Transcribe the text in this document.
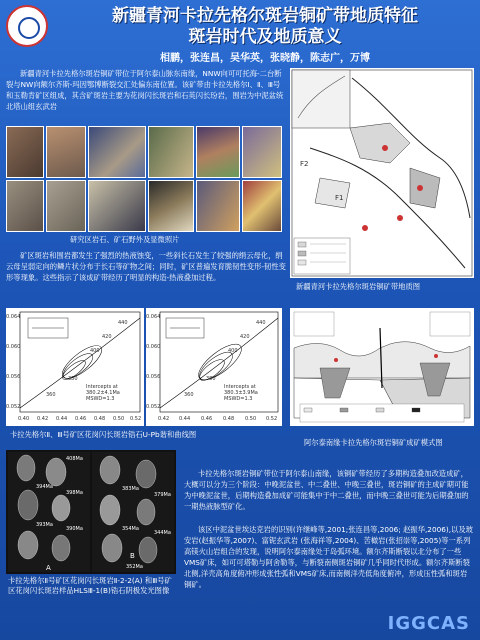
新疆青河卡拉先格尔斑岩铜矿带地质特征
斑岩时代及地质意义
相鹏，张连昌，吴华英，张晓静，陈志广，万博
新疆青河卡拉先格尔斑岩铜矿带位于阿尔泰山脉东南缘，NNW向可可托海-二台断裂与NW向额尔齐斯-玛因鄂博断裂交汇处偏东南位置。该矿带由卡拉先格尔Ⅰ、Ⅱ、Ⅲ号和玉勒肯矿区组成，其含矿斑岩主要为花岗闪长斑岩和石英闪长玢岩，围岩为中泥盆统北塔山组玄武岩
研究区岩石、矿石野外及显微照片
矿区斑岩和围岩都发生了强烈的热液蚀变，一些斜长石发生了较强的绢云母化，绢云母呈弱定向的鳞片状分布于长石等矿物之间；同时，矿区普遍发育脆韧性变形-韧性变形等现象。这些指示了该成矿带经历了明显的构造-热液叠加过程。
F1
F2
新疆青河卡拉先格尔斑岩铜矿带地质图
Intercepts at
380.2±4.1Ma
MSWD=1.3
440
420
400
380
360
0.052
0.056
0.060
0.064
0.40 0.42 0.44 0.46 0.48 0.50 0.52
Intercepts at
380.3±3.9Ma
MSWD=1.3
440
420
400
380
360
0.052
0.056
0.060
0.064
0.42 0.44 0.46 0.48 0.50 0.52
卡拉先格尔Ⅱ、Ⅲ号矿区花岗闪长斑岩锆石U-Pb谐和曲线图
阿尔泰南缘卡拉先格尔斑岩铜矿成矿模式图
408Ma
394Ma
398Ma
393Ma
390Ma
383Ma
379Ma
354Ma
344Ma
352Ma
A
B
卡拉先格尔Ⅱ号矿区花岗闪长斑岩Ⅱ-2-2(A) 和Ⅲ号矿区花岗闪长斑岩样品HLSⅢ-1(B)锆石阴极发光图像
卡拉先格尔斑岩铜矿带位于阿尔泰山南缘，该铜矿带经历了多期构造叠加改造成矿，大概可以分为三个阶段：中晚泥盆世、中二叠世、中晚三叠世，斑岩铜矿的主成矿期可能为中晚泥盆世，后期构造叠加成矿可能集中于中二叠世，而中晚三叠世可能为后期叠加的一期热液脉型矿化。
该区中泥盆世埃达克岩的识别(许继峰等,2001;张连昌等,2006; 赵振华,2006),以及玻安岩(赵振华等,2007)、富铌玄武岩 (张海祥等,2004)、苦橄岩(张招崇等,2005)等一系列高镁火山岩组合的发现，说明阿尔泰南缘处于岛弧环境。额尔齐斯断裂以北分布了一些VMS矿床，如可可塔勒与阿舍勒等，与断裂南侧斑岩铜矿几乎同时代形成。额尔齐斯断裂北侧,洋壳高角度俯冲形成张性弧和VMS矿床,而南侧洋壳低角度俯冲，形成压性弧和斑岩铜矿。
IGGCAS
